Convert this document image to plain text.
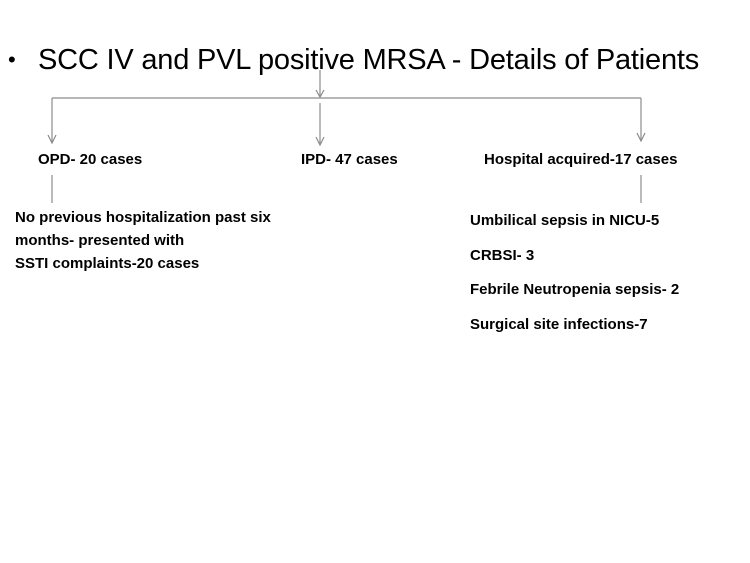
• SCC IV and PVL positive MRSA - Details of Patients
OPD- 20 cases	IPD- 47 cases	Hospital acquired-17 cases
No previous hospitalization past six
months- presented with
SSTI complaints-20 cases
Umbilical sepsis in NICU-5
CRBSI- 3
Febrile Neutropenia sepsis- 2
Surgical site infections-7
